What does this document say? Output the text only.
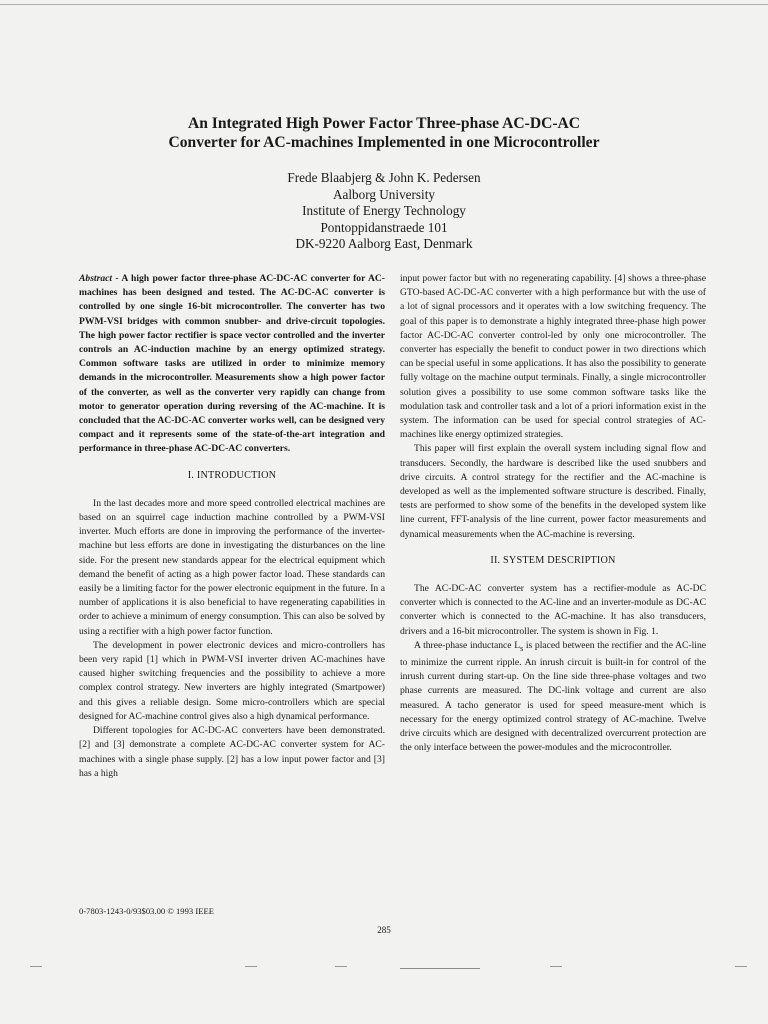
An Integrated High Power Factor Three-phase AC-DC-AC

Converter for AC-machines Implemented in one Microcontroller

Frede Blaabjerg & John K. Pedersen
Aalborg University
Institute of Energy Technology
Pontoppidanstraede 101
DK-9220 Aalborg East, Denmark

Abstract - A high power factor three-phase AC-DC-AC converter for AC-machines has been designed and tested. The AC-DC-AC converter is controlled by one single 16-bit microcontroller. The converter has two PWM-VSI bridges with common snubber- and drive-circuit topologies. The high power factor rectifier is space vector controlled and the inverter controls an AC-induction machine by an energy optimized strategy. Common software tasks are utilized in order to minimize memory demands in the microcontroller. Measurements show a high power factor of the converter, as well as the converter very rapidly can change from motor to generator operation during reversing of the AC-machine. It is concluded that the AC-DC-AC converter works well, can be designed very compact and it represents some of the state-of-the-art integration and performance in three-phase AC-DC-AC converters.

I. INTRODUCTION

In the last decades more and more speed controlled electrical machines are based on an squirrel cage induction machine controlled by a PWM-VSI inverter. Much efforts are done in improving the performance of the inverter-machine but less efforts are done in investigating the disturbances on the line side. For the present new standards appear for the electrical equipment which demand the benefit of acting as a high power factor load. These standards can easily be a limiting factor for the power electronic equipment in the future. In a number of applications it is also beneficial to have regenerating capabilities in order to achieve a minimum of energy consumption. This can also be solved by using a rectifier with a high power factor function.

The development in power electronic devices and micro-controllers has been very rapid [1] which in PWM-VSI inverter driven AC-machines have caused higher switching frequencies and the possibility to achieve a more complex control strategy. New inverters are highly integrated (Smartpower) and this gives a reliable design. Some micro-controllers which are special designed for AC-machine control gives also a high dynamical performance.

Different topologies for AC-DC-AC converters have been demonstrated. [2] and [3] demonstrate a complete AC-DC-AC converter system for AC-machines with a single phase supply. [2] has a low input power factor and [3] has a high

input power factor but with no regenerating capability. [4] shows a three-phase GTO-based AC-DC-AC converter with a high performance but with the use of a lot of signal processors and it operates with a low switching frequency. The goal of this paper is to demonstrate a highly integrated three-phase high power factor AC-DC-AC converter control-led by only one microcontroller. The converter has especially the benefit to conduct power in two directions which can be special useful in some applications. It has also the possibility to generate fully voltage on the machine output terminals. Finally, a single microcontroller solution gives a possibility to use some common software tasks like the modulation task and controller task and a lot of a priori information exist in the system. The information can be used for special control strategies of AC-machines like energy optimized strategies.

This paper will first explain the overall system including signal flow and transducers. Secondly, the hardware is described like the used snubbers and drive circuits. A control strategy for the rectifier and the AC-machine is developed as well as the implemented software structure is described. Finally, tests are performed to show some of the benefits in the developed system like line current, FFT-analysis of the line current, power factor measurements and dynamical measurements when the AC-machine is reversing.

II. SYSTEM DESCRIPTION

The AC-DC-AC converter system has a rectifier-module as AC-DC converter which is connected to the AC-line and an inverter-module as DC-AC converter which is connected to the AC-machine. It has also transducers, drivers and a 16-bit microcontroller. The system is shown in Fig. 1.

A three-phase inductance $L_s$ is placed between the rectifier and the AC-line to minimize the current ripple. An inrush circuit is built-in for control of the inrush current during start-up. On the line side three-phase voltages and two phase currents are measured. The DC-link voltage and current are also measured. A tacho generator is used for speed measure-ment which is necessary for the energy optimized control strategy of AC-machine. Twelve drive circuits which are designed with decentralized overcurrent protection are the only interface between the power-modules and the microcontroller.

0-7803-1243-0/93$03.00 © 1993 IEEE
285
